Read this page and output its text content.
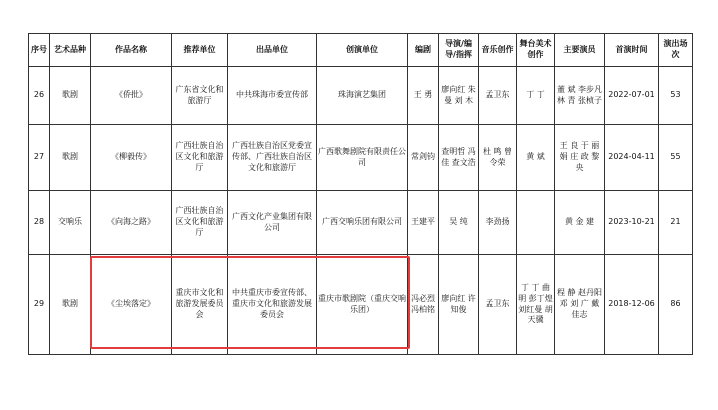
序号	艺术品种	作品名称	推荐单位	出品单位	创演单位	编剧	导演/编导/指挥	音乐创作	舞台美术创作	主要演员	首演时间	演出场次
26	歌剧	《侨批》	广东省文化和旅游厅	中共珠海市委宣传部	珠海演艺集团	王 勇	廖向红 朱 曼 刘 木	孟卫东	丁 丁	董 斌 李步凡 林 青 张桢子	2022-07-01	53
27	歌剧	《柳毅传》	广西壮族自治区文化和旅游厅	广西壮族自治区党委宣传部、广西壮族自治区文化和旅游厅	广西歌舞剧院有限责任公司	常剑钧	查明哲 冯 佳 查文浩	杜 鸣 曾令荣	黄 斌	王 良 于 丽 娟 庄 政 黎 央	2024-04-11	55
28	交响乐	《向海之路》	广西壮族自治区文化和旅游厅	广西文化产业集团有限公司	广西交响乐团有限公司	王建平	吴 纯	李劲扬		黄 金 建	2023-10-21	21
29	歌剧	《尘埃落定》	重庆市文化和旅游发展委员会	中共重庆市委宣传部、重庆市文化和旅游发展委员会	重庆市歌剧院（重庆交响乐团）	冯必烈 冯柏铭	廖向红 许知俊	孟卫东	丁 丁 曲 明 彭丁煌 刘红曼 胡天骥	程 静 赵丹阳 邓 刘 广 戴佳志	2018-12-06	86
